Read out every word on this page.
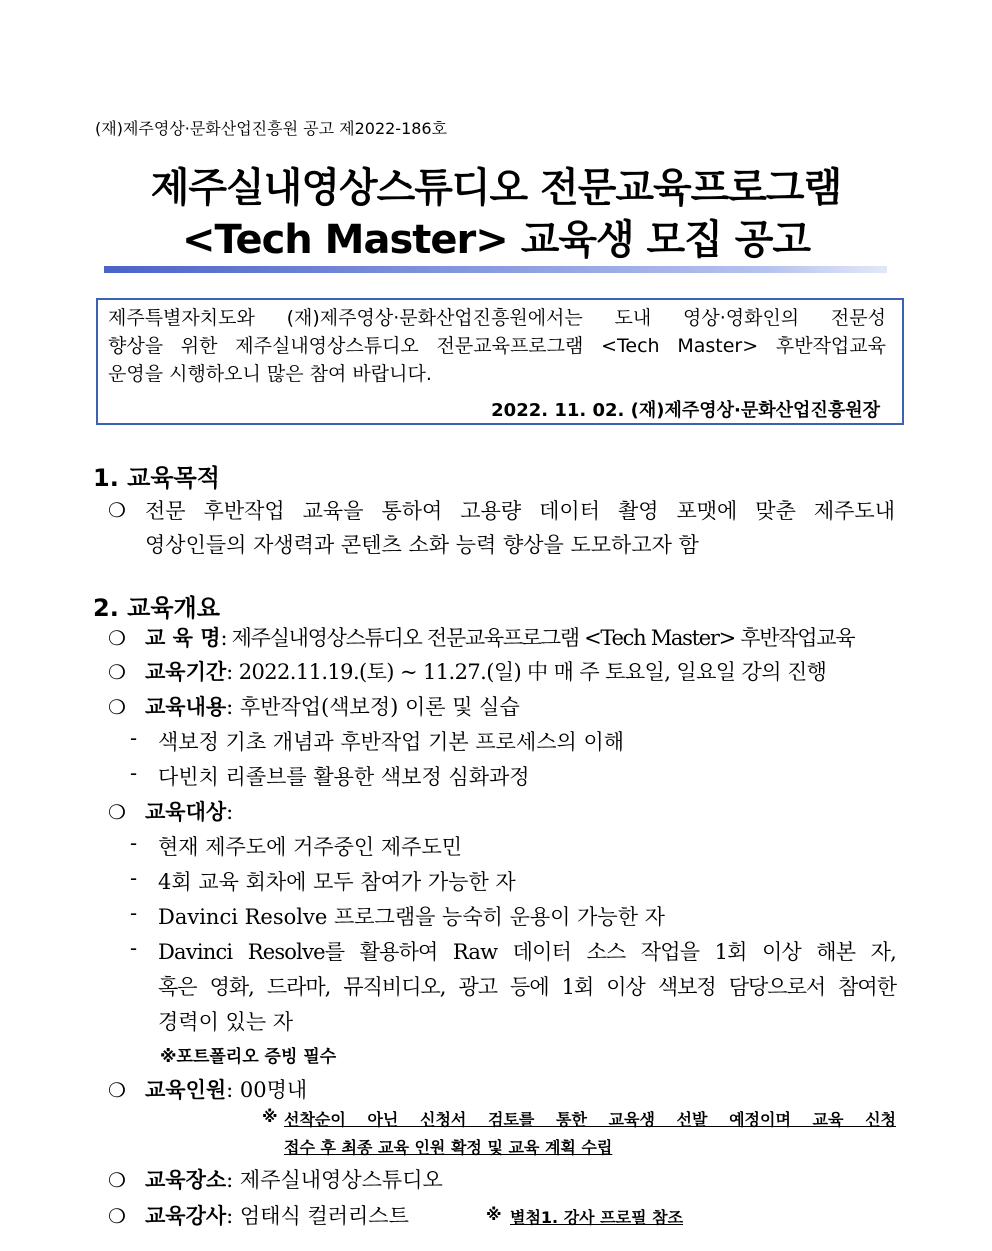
(재)제주영상·문화산업진흥원 공고 제2022-186호
제주실내영상스튜디오 전문교육프로그램
<Tech Master> 교육생 모집 공고
제주특별자치도와 (재)제주영상·문화산업진흥원에서는 도내 영상·영화인의 전문성
향상을 위한 제주실내영상스튜디오 전문교육프로그램 <Tech Master> 후반작업교육
운영을 시행하오니 많은 참여 바랍니다.
2022. 11. 02. (재)제주영상·문화산업진흥원장
1. 교육목적
❍ 전문 후반작업 교육을 통하여 고용량 데이터 촬영 포맷에 맞춘 제주도내
영상인들의 자생력과 콘텐츠 소화 능력 향상을 도모하고자 함
2. 교육개요
❍ 교 육 명: 제주실내영상스튜디오 전문교육프로그램 <Tech Master> 후반작업교육
❍ 교육기간: 2022.11.19.(토) ~ 11.27.(일) 中 매 주 토요일, 일요일 강의 진행
❍ 교육내용: 후반작업(색보정) 이론 및 실습
- 색보정 기초 개념과 후반작업 기본 프로세스의 이해
- 다빈치 리졸브를 활용한 색보정 심화과정
❍ 교육대상:
- 현재 제주도에 거주중인 제주도민
- 4회 교육 회차에 모두 참여가 가능한 자
- Davinci Resolve 프로그램을 능숙히 운용이 가능한 자
- Davinci Resolve를 활용하여 Raw 데이터 소스 작업을 1회 이상 해본 자,
혹은 영화, 드라마, 뮤직비디오, 광고 등에 1회 이상 색보정 담당으로서 참여한
경력이 있는 자
※포트폴리오 증빙 필수
❍ 교육인원: 00명내
※ 선착순이 아닌 신청서 검토를 통한 교육생 선발 예정이며 교육 신청
접수 후 최종 교육 인원 확정 및 교육 계획 수립
❍ 교육장소: 제주실내영상스튜디오
❍ 교육강사: 엄태식 컬러리스트	※ 별첨1. 강사 프로필 참조
